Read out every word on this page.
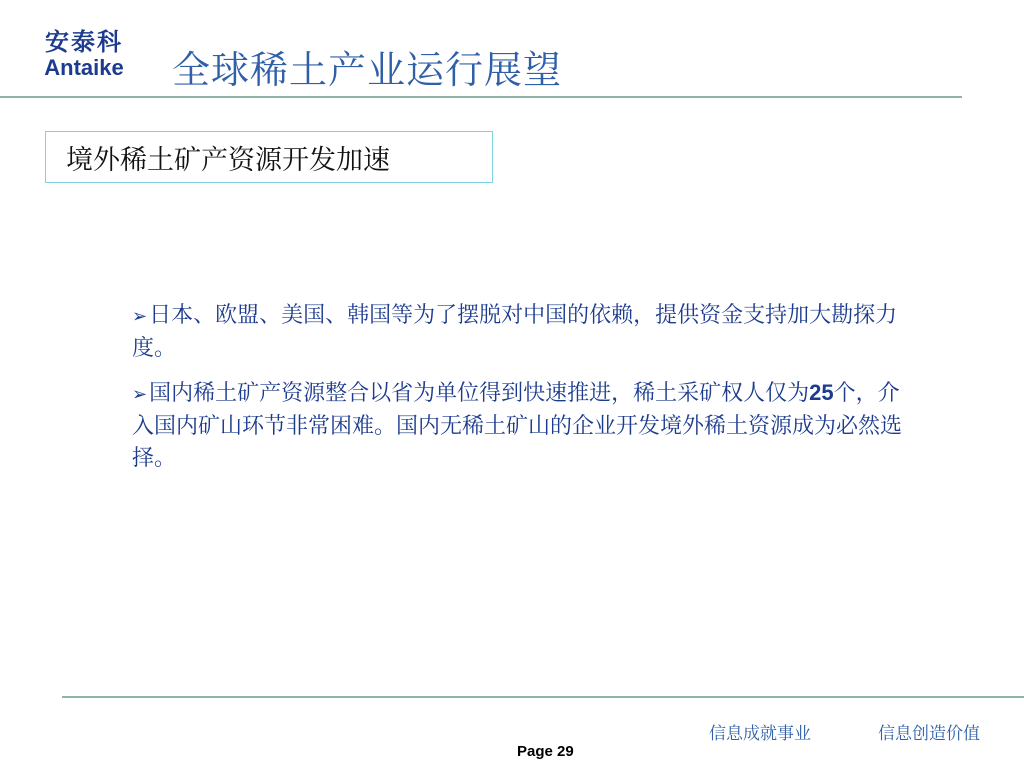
安泰科
Antaike 全球稀土产业运行展望
境外稀土矿产资源开发加速
➢日本、欧盟、美国、韩国等为了摆脱对中国的依赖，提供资金支持加大勘探力度。
➢国内稀土矿产资源整合以省为单位得到快速推进，稀土采矿权人仅为25个，介入国内矿山环节非常困难。国内无稀土矿山的企业开发境外稀土资源成为必然选择。
信息成就事业	信息创造价值
Page 29
